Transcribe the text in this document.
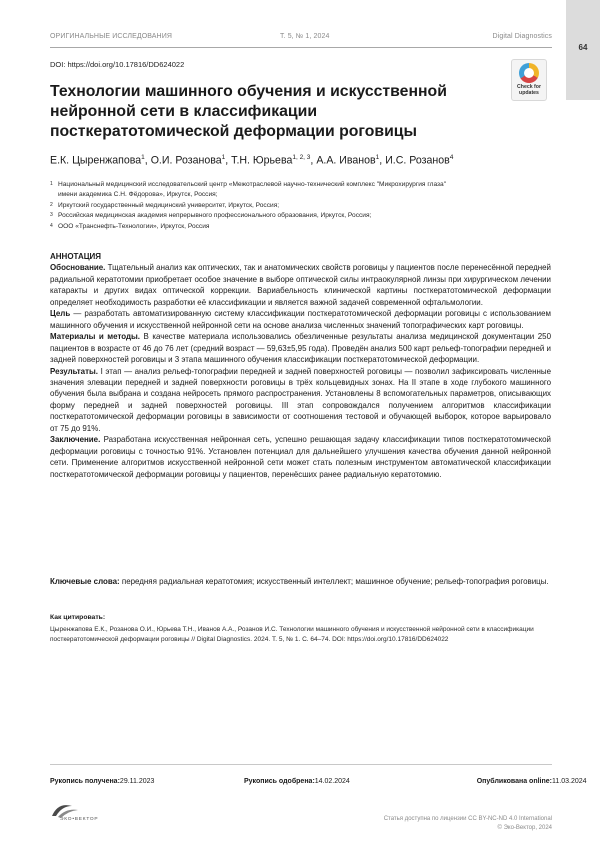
64
ОРИГИНАЛЬНЫЕ ИССЛЕДОВАНИЯ	Т. 5, № 1, 2024	Digital Diagnostics
DOI: https://doi.org/10.17816/DD624022
Check for
updates
Технологии машинного обучения и искусственной нейронной сети в классификации посткератотомической деформации роговицы
Е.К. Цыренжапова$^1$, О.И. Розанова$^1$, Т.Н. Юрьева$^{1, 2, 3}$, А.А. Иванов$^1$, И.С. Розанов$^4$
1 Национальный медицинский исследовательский центр «Межотраслевой научно-технический комплекс "Микрохирургия глаза"
имени академика С.Н. Фёдорова», Иркутск, Россия;
2 Иркутский государственный медицинский университет, Иркутск, Россия;
3 Российская медицинская академия непрерывного профессионального образования, Иркутск, Россия;
4 ООО «Транснефть-Технологии», Иркутск, Россия
АННОТАЦИЯ

Обоснование. Тщательный анализ как оптических, так и анатомических свойств роговицы у пациентов после перенесённой передней радиальной кератотомии приобретает особое значение в выборе оптической силы интраокулярной линзы при хирургическом лечении катаракты и других видах оптической коррекции. Вариабельность клинической картины посткератотомической деформации определяет необходимость разработки её классификации и является важной задачей современной офтальмологии.

Цель — разработать автоматизированную систему классификации посткератотомической деформации роговицы с использованием машинного обучения и искусственной нейронной сети на основе анализа численных значений топографических карт роговицы.

Материалы и методы. В качестве материала использовались обезличенные результаты анализа медицинской документации 250 пациентов в возрасте от 46 до 76 лет (средний возраст — 59,63±5,95 года). Проведён анализ 500 карт рельеф-топографии передней и задней поверхностей роговицы и 3 этапа машинного обучения классификации посткератотомической деформации.

Результаты. I этап — анализ рельеф-топографии передней и задней поверхностей роговицы — позволил зафиксировать численные значения элевации передней и задней поверхности роговицы в трёх кольцевидных зонах. На II этапе в ходе глубокого машинного обучения была выбрана и создана нейросеть прямого распространения. Установлены 8 вспомогательных параметров, описывающих форму передней и задней поверхностей роговицы. III этап сопровождался получением алгоритмов классификации посткератотомической деформации роговицы в зависимости от соотношения тестовой и обучающей выборок, которое варьировало от 75 до 91%.

Заключение. Разработана искусственная нейронная сеть, успешно решающая задачу классификации типов посткератотомической деформации роговицы с точностью 91%. Установлен потенциал для дальнейшего улучшения качества обучения данной нейронной сети. Применение алгоритмов искусственной нейронной сети может стать полезным инструментом автоматической классификации посткератотомической деформации роговицы у пациентов, перенёсших ранее радиальную кератотомию.

Ключевые слова: передняя радиальная кератотомия; искусственный интеллект; машинное обучение; рельеф-топография роговицы.
Как цитировать:
Цыренжапова Е.К., Розанова О.И., Юрьева Т.Н., Иванов А.А., Розанов И.С. Технологии машинного обучения и искусственной нейронной сети в классификации посткератотомической деформации роговицы // Digital Diagnostics. 2024. Т. 5, № 1. С. 64–74. DOI: https://doi.org/10.17816/DD624022
Рукопись получена: 29.11.2023	Рукопись одобрена: 14.02.2024	Опубликована online: 11.03.2024
ЭКО•ВЕКТОР	Статья доступна по лицензии CC BY-NC-ND 4.0 International
© Эко-Вектор, 2024
